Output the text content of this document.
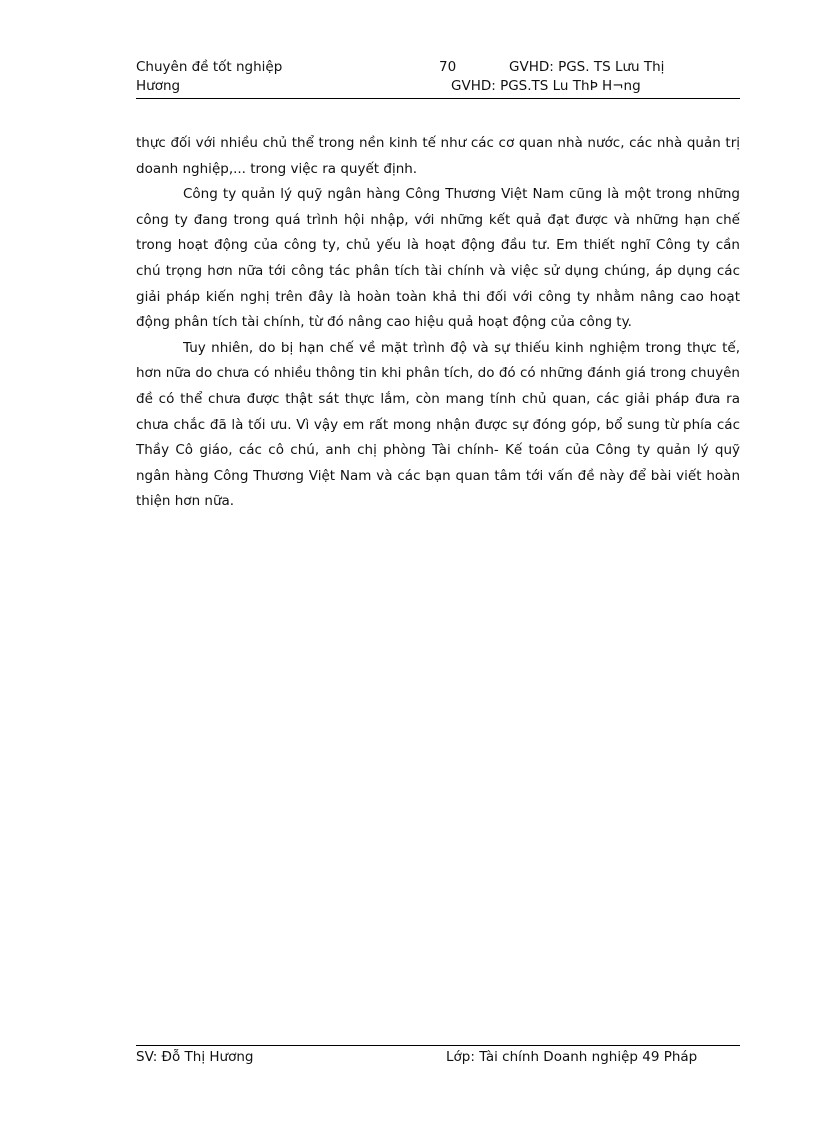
Chuyên đề tốt nghiệp	70	GVHD: PGS. TS Lưu Thị
Hương	GVHD: PGS.TS Lu ThÞ H¬ng

thực đối với nhiều chủ thể trong nền kinh tế như các cơ quan nhà nước, các nhà quản trị doanh nghiệp,... trong việc ra quyết định.

Công ty quản lý quỹ ngân hàng Công Thương Việt Nam cũng là một trong những công ty đang trong quá trình hội nhập, với những kết quả đạt được và những hạn chế trong hoạt động của công ty, chủ yếu là hoạt động đầu tư. Em thiết nghĩ Công ty cần chú trọng hơn nữa tới công tác phân tích tài chính và việc sử dụng chúng, áp dụng các giải pháp kiến nghị trên đây là hoàn toàn khả thi đối với công ty nhằm nâng cao hoạt động phân tích tài chính, từ đó nâng cao hiệu quả hoạt động của công ty.

Tuy nhiên, do bị hạn chế về mặt trình độ và sự thiếu kinh nghiệm trong thực tế, hơn nữa do chưa có nhiều thông tin khi phân tích, do đó có những đánh giá trong chuyên đề có thể chưa được thật sát thực lắm, còn mang tính chủ quan, các giải pháp đưa ra chưa chắc đã là tối ưu. Vì vậy em rất mong nhận được sự đóng góp, bổ sung từ phía các Thầy Cô giáo, các cô chú, anh chị phòng Tài chính- Kế toán của Công ty quản lý quỹ ngân hàng Công Thương Việt Nam và các bạn quan tâm tới vấn đề này để bài viết hoàn thiện hơn nữa.

SV: Đỗ Thị Hương	Lớp: Tài chính Doanh nghiệp 49 Pháp
